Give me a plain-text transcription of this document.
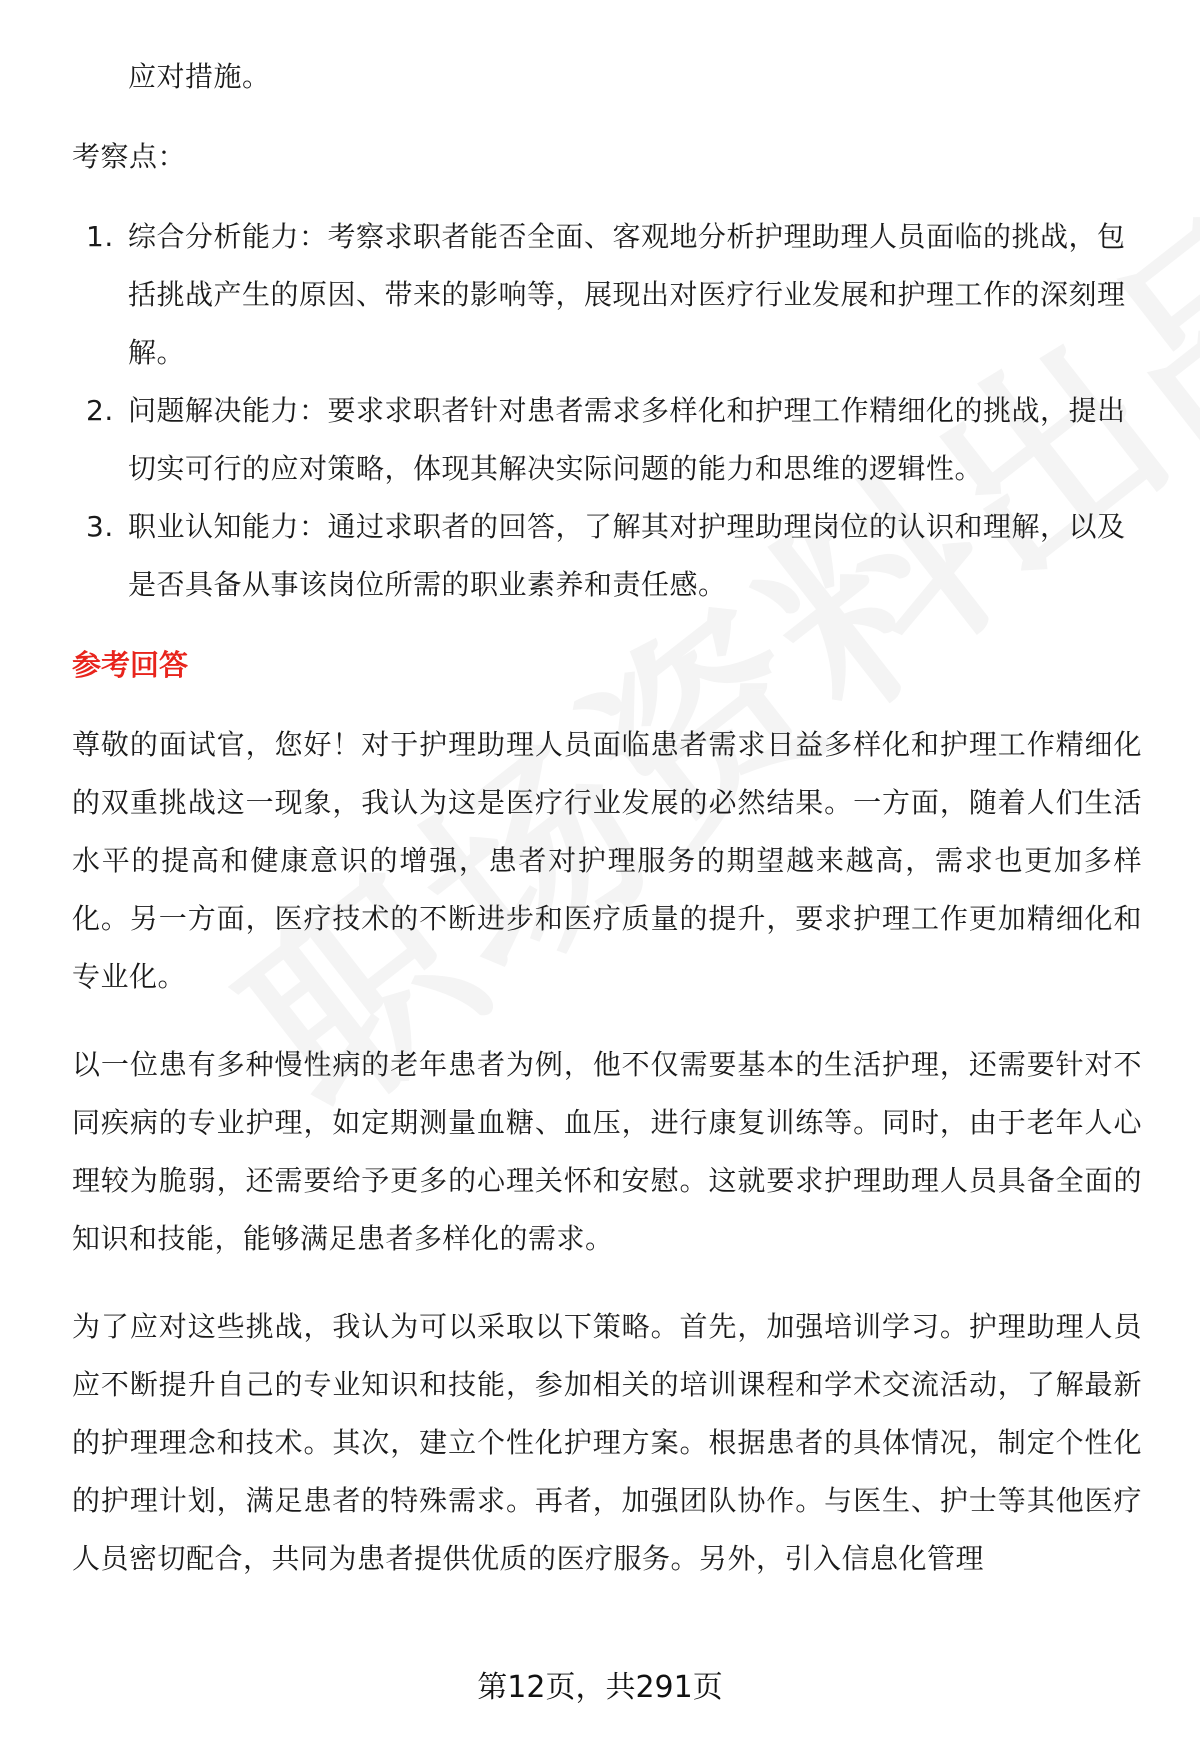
应对措施。
考察点：
1. 综合分析能力：考察求职者能否全面、客观地分析护理助理人员面临的挑战，包括挑战产生的原因、带来的影响等，展现出对医疗行业发展和护理工作的深刻理解。
2. 问题解决能力：要求求职者针对患者需求多样化和护理工作精细化的挑战，提出切实可行的应对策略，体现其解决实际问题的能力和思维的逻辑性。
3. 职业认知能力：通过求职者的回答，了解其对护理助理岗位的认识和理解，以及是否具备从事该岗位所需的职业素养和责任感。
参考回答

尊敬的面试官，您好！对于护理助理人员面临患者需求日益多样化和护理工作精细化的双重挑战这一现象，我认为这是医疗行业发展的必然结果。一方面，随着人们生活水平的提高和健康意识的增强，患者对护理服务的期望越来越高，需求也更加多样化。另一方面，医疗技术的不断进步和医疗质量的提升，要求护理工作更加精细化和专业化。

以一位患有多种慢性病的老年患者为例，他不仅需要基本的生活护理，还需要针对不同疾病的专业护理，如定期测量血糖、血压，进行康复训练等。同时，由于老年人心理较为脆弱，还需要给予更多的心理关怀和安慰。这就要求护理助理人员具备全面的知识和技能，能够满足患者多样化的需求。

为了应对这些挑战，我认为可以采取以下策略。首先，加强培训学习。护理助理人员应不断提升自己的专业知识和技能，参加相关的培训课程和学术交流活动，了解最新的护理理念和技术。其次，建立个性化护理方案。根据患者的具体情况，制定个性化的护理计划，满足患者的特殊需求。再者，加强团队协作。与医生、护士等其他医疗人员密切配合，共同为患者提供优质的医疗服务。另外，引入信息化管理

第12页，共291页
